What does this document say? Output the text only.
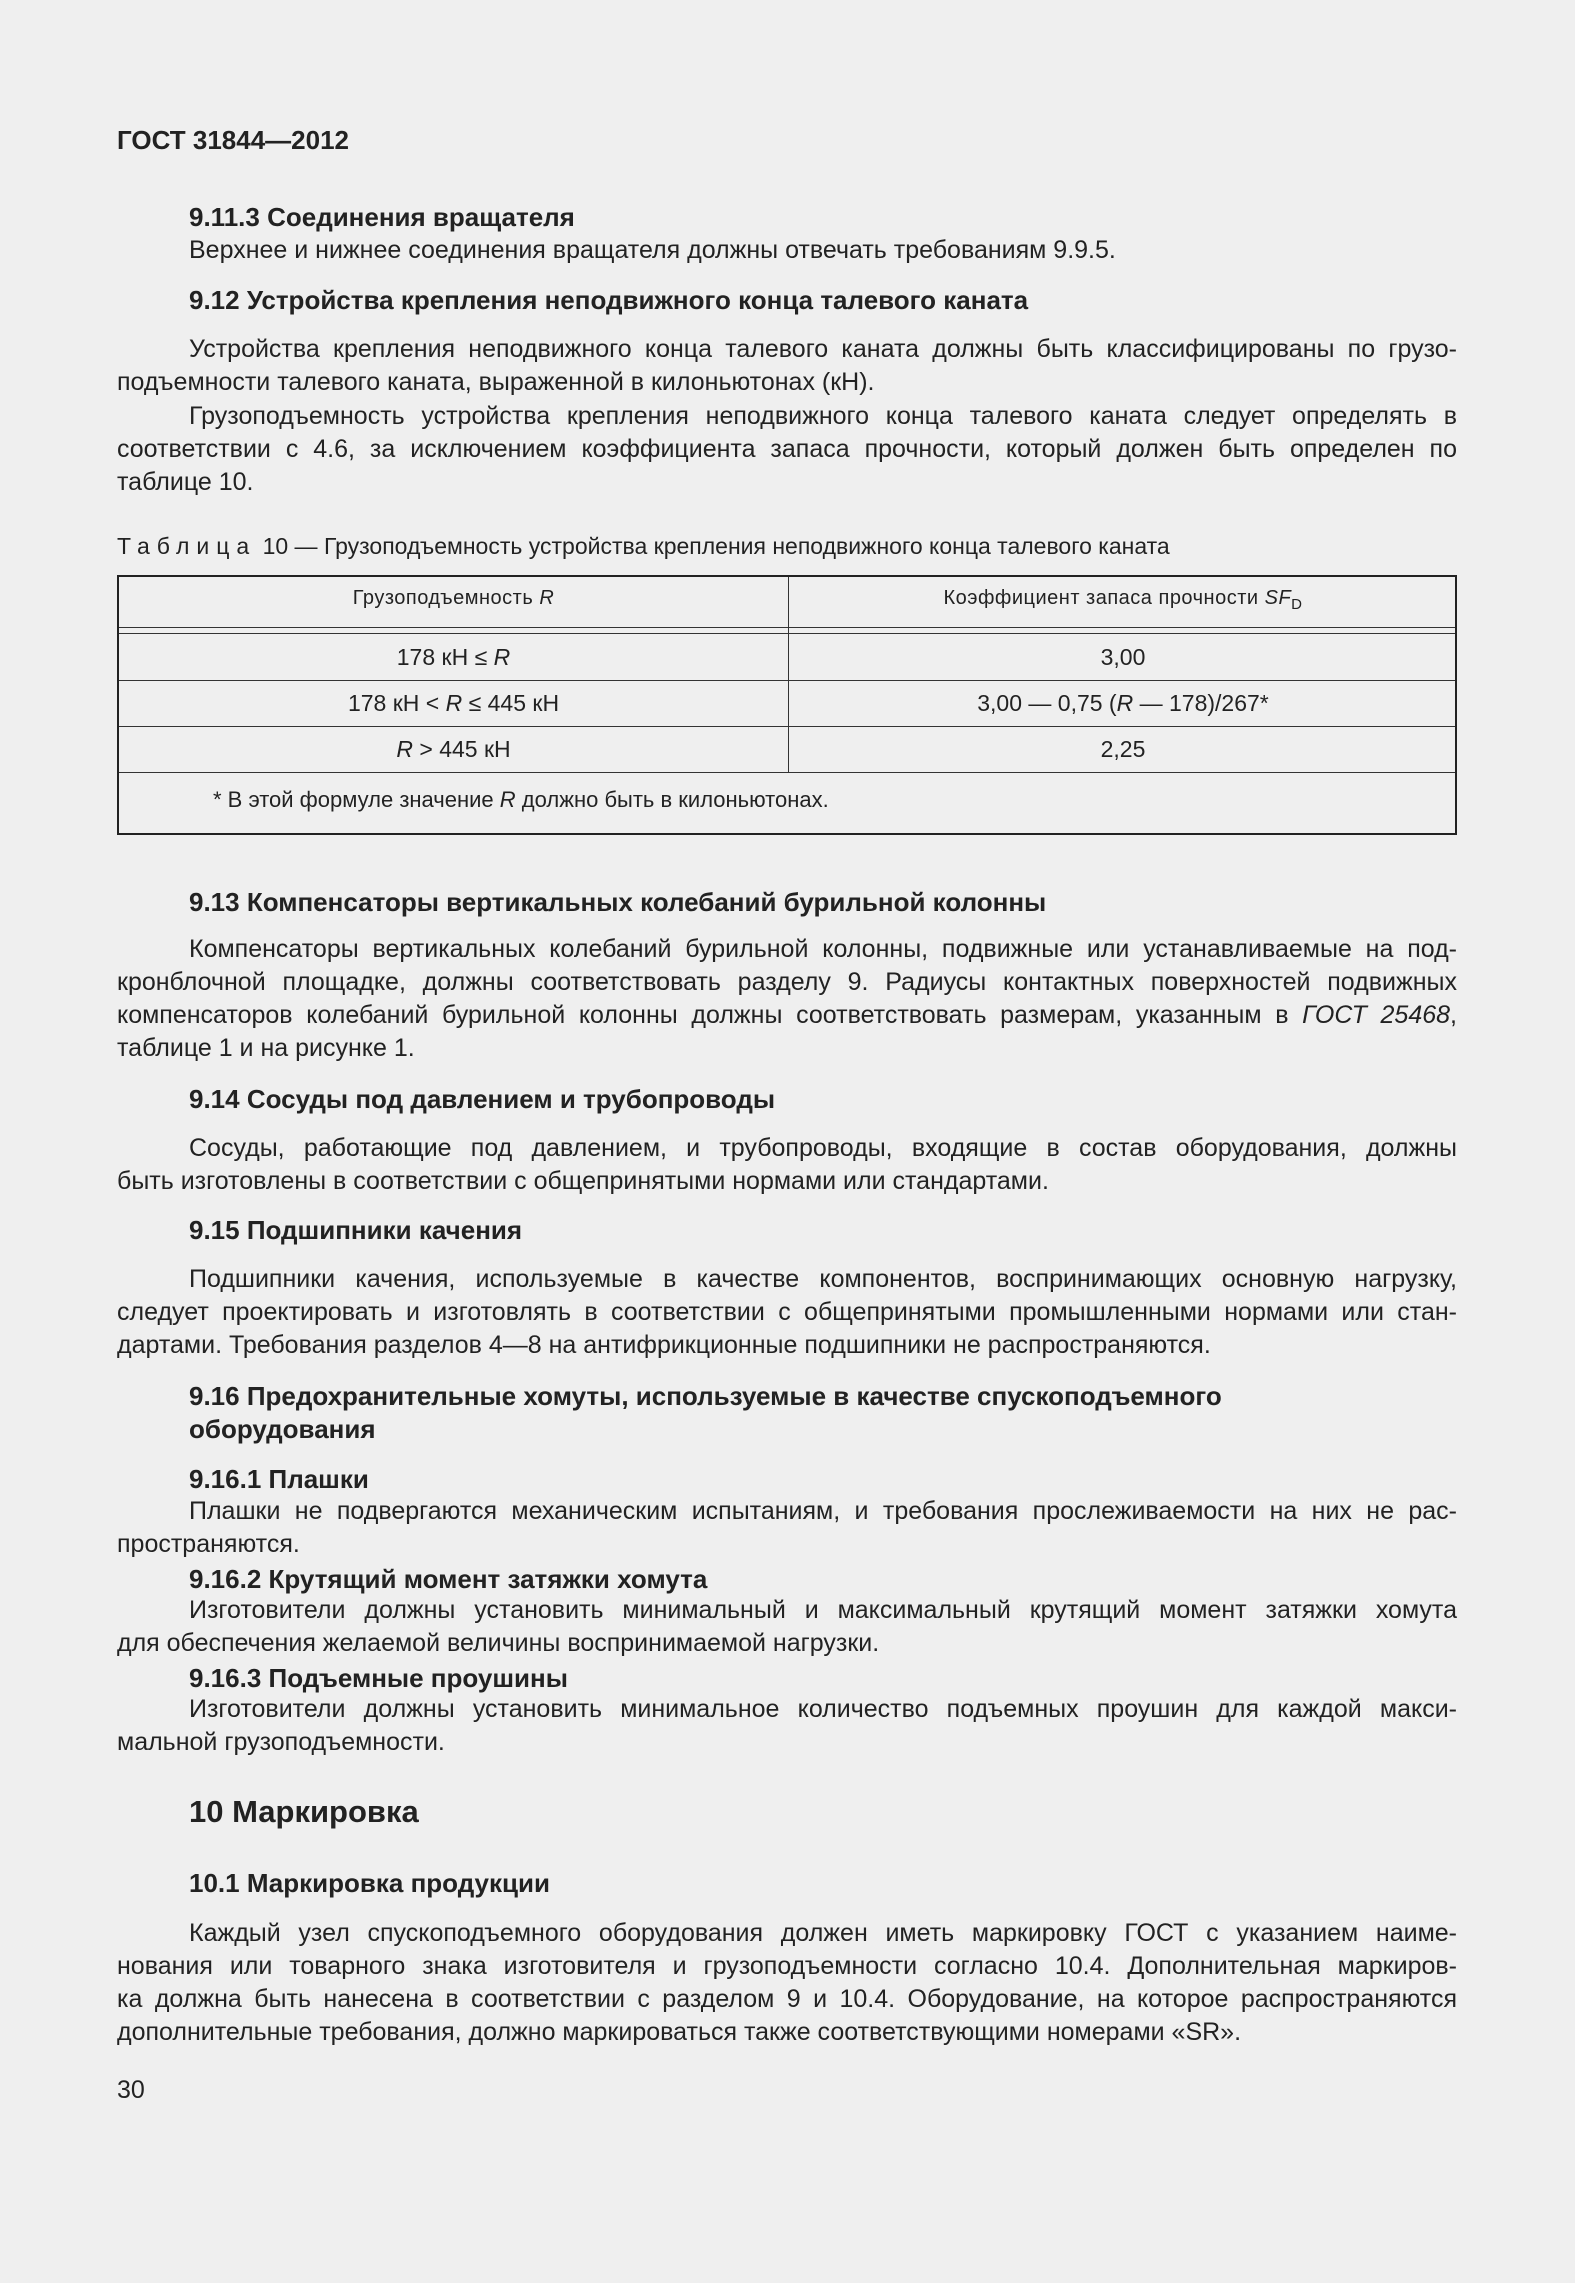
ГОСТ 31844—2012
9.11.3 Соединения вращателя
Верхнее и нижнее соединения вращателя должны отвечать требованиям 9.9.5.
9.12 Устройства крепления неподвижного конца талевого каната
Устройства крепления неподвижного конца талевого каната должны быть классифицированы по грузо-
подъемности талевого каната, выраженной в килоньютонах (кН).
Грузоподъемность устройства крепления неподвижного конца талевого каната следует определять в
соответствии с 4.6, за исключением коэффициента запаса прочности, который должен быть определен по
таблице 10.
Таблица 10 — Грузоподъемность устройства крепления неподвижного конца талевого каната
Грузоподъемность R	Коэффициент запаса прочности $SF_D$
178 кН ≤ R	3,00
178 кН < R ≤ 445 кН	3,00 — 0,75 (R — 178)/267*
R > 445 кН	2,25
* В этой формуле значение R должно быть в килоньютонах.
9.13 Компенсаторы вертикальных колебаний бурильной колонны
Компенсаторы вертикальных колебаний бурильной колонны, подвижные или устанавливаемые на под-
кронблочной площадке, должны соответствовать разделу 9. Радиусы контактных поверхностей подвижных
компенсаторов колебаний бурильной колонны должны соответствовать размерам, указанным в ГОСТ 25468,
таблице 1 и на рисунке 1.
9.14 Сосуды под давлением и трубопроводы
Сосуды, работающие под давлением, и трубопроводы, входящие в состав оборудования, должны
быть изготовлены в соответствии с общепринятыми нормами или стандартами.
9.15 Подшипники качения
Подшипники качения, используемые в качестве компонентов, воспринимающих основную нагрузку,
следует проектировать и изготовлять в соответствии с общепринятыми промышленными нормами или стан-
дартами. Требования разделов 4—8 на антифрикционные подшипники не распространяются.
9.16 Предохранительные хомуты, используемые в качестве спускоподъемного
оборудования
9.16.1 Плашки
Плашки не подвергаются механическим испытаниям, и требования прослеживаемости на них не рас-
пространяются.
9.16.2 Крутящий момент затяжки хомута
Изготовители должны установить минимальный и максимальный крутящий момент затяжки хомута
для обеспечения желаемой величины воспринимаемой нагрузки.
9.16.3 Подъемные проушины
Изготовители должны установить минимальное количество подъемных проушин для каждой макси-
мальной грузоподъемности.
10 Маркировка
10.1 Маркировка продукции
Каждый узел спускоподъемного оборудования должен иметь маркировку ГОСТ с указанием наиме-
нования или товарного знака изготовителя и грузоподъемности согласно 10.4. Дополнительная маркиров-
ка должна быть нанесена в соответствии с разделом 9 и 10.4. Оборудование, на которое распространяются
дополнительные требования, должно маркироваться также соответствующими номерами «SR».
30
